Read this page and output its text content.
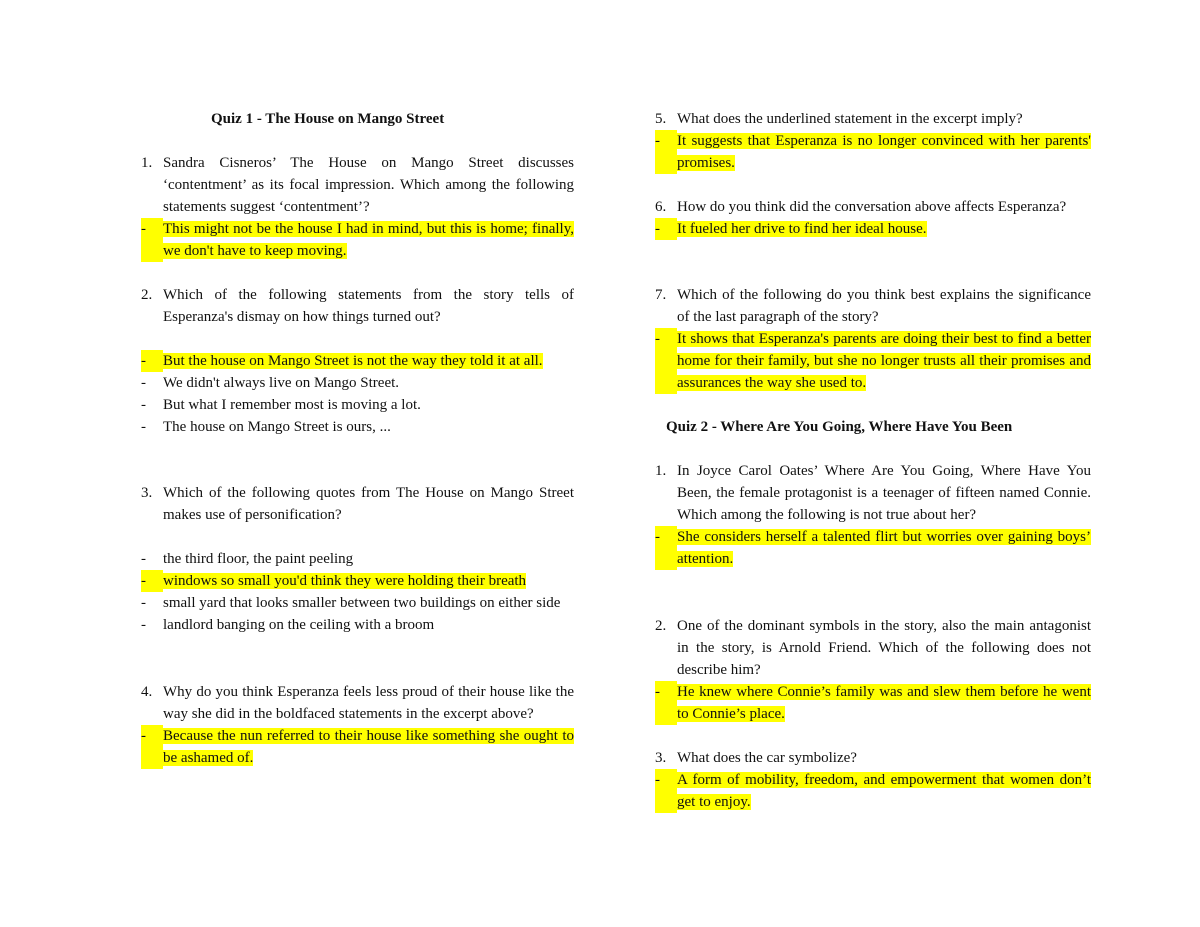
Quiz 1 - The House on Mango Street
1. Sandra Cisneros’ The House on Mango Street discusses ‘contentment’ as its focal impression. Which among the following statements suggest ‘contentment’?
-	This might not be the house I had in mind, but this is home; finally, we don't have to keep moving.
2. Which of the following statements from the story tells of Esperanza's dismay on how things turned out?
-	But the house on Mango Street is not the way they told it at all.
-	We didn't always live on Mango Street.
-	But what I remember most is moving a lot.
-	The house on Mango Street is ours, ...
3. Which of the following quotes from The House on Mango Street makes use of personification?
-	the third floor, the paint peeling
-	windows so small you'd think they were holding their breath
-	small yard that looks smaller between two buildings on either side
-	landlord banging on the ceiling with a broom
4. Why do you think Esperanza feels less proud of their house like the way she did in the boldfaced statements in the excerpt above?
-	Because the nun referred to their house like something she ought to be ashamed of.
5. What does the underlined statement in the excerpt imply?
-	It suggests that Esperanza is no longer convinced with her parents' promises.
6. How do you think did the conversation above affects Esperanza?
-	It fueled her drive to find her ideal house.
7. Which of the following do you think best explains the significance of the last paragraph of the story?
-	It shows that Esperanza's parents are doing their best to find a better home for their family, but she no longer trusts all their promises and assurances the way she used to.
Quiz 2 - Where Are You Going, Where Have You Been
1. In Joyce Carol Oates’ Where Are You Going, Where Have You Been, the female protagonist is a teenager of fifteen named Connie. Which among the following is not true about her?
-	She considers herself a talented flirt but worries over gaining boys’ attention.
2. One of the dominant symbols in the story, also the main antagonist in the story, is Arnold Friend. Which of the following does not describe him?
-	He knew where Connie’s family was and slew them before he went to Connie’s place.
3. What does the car symbolize?
-	A form of mobility, freedom, and empowerment that women don’t get to enjoy.
